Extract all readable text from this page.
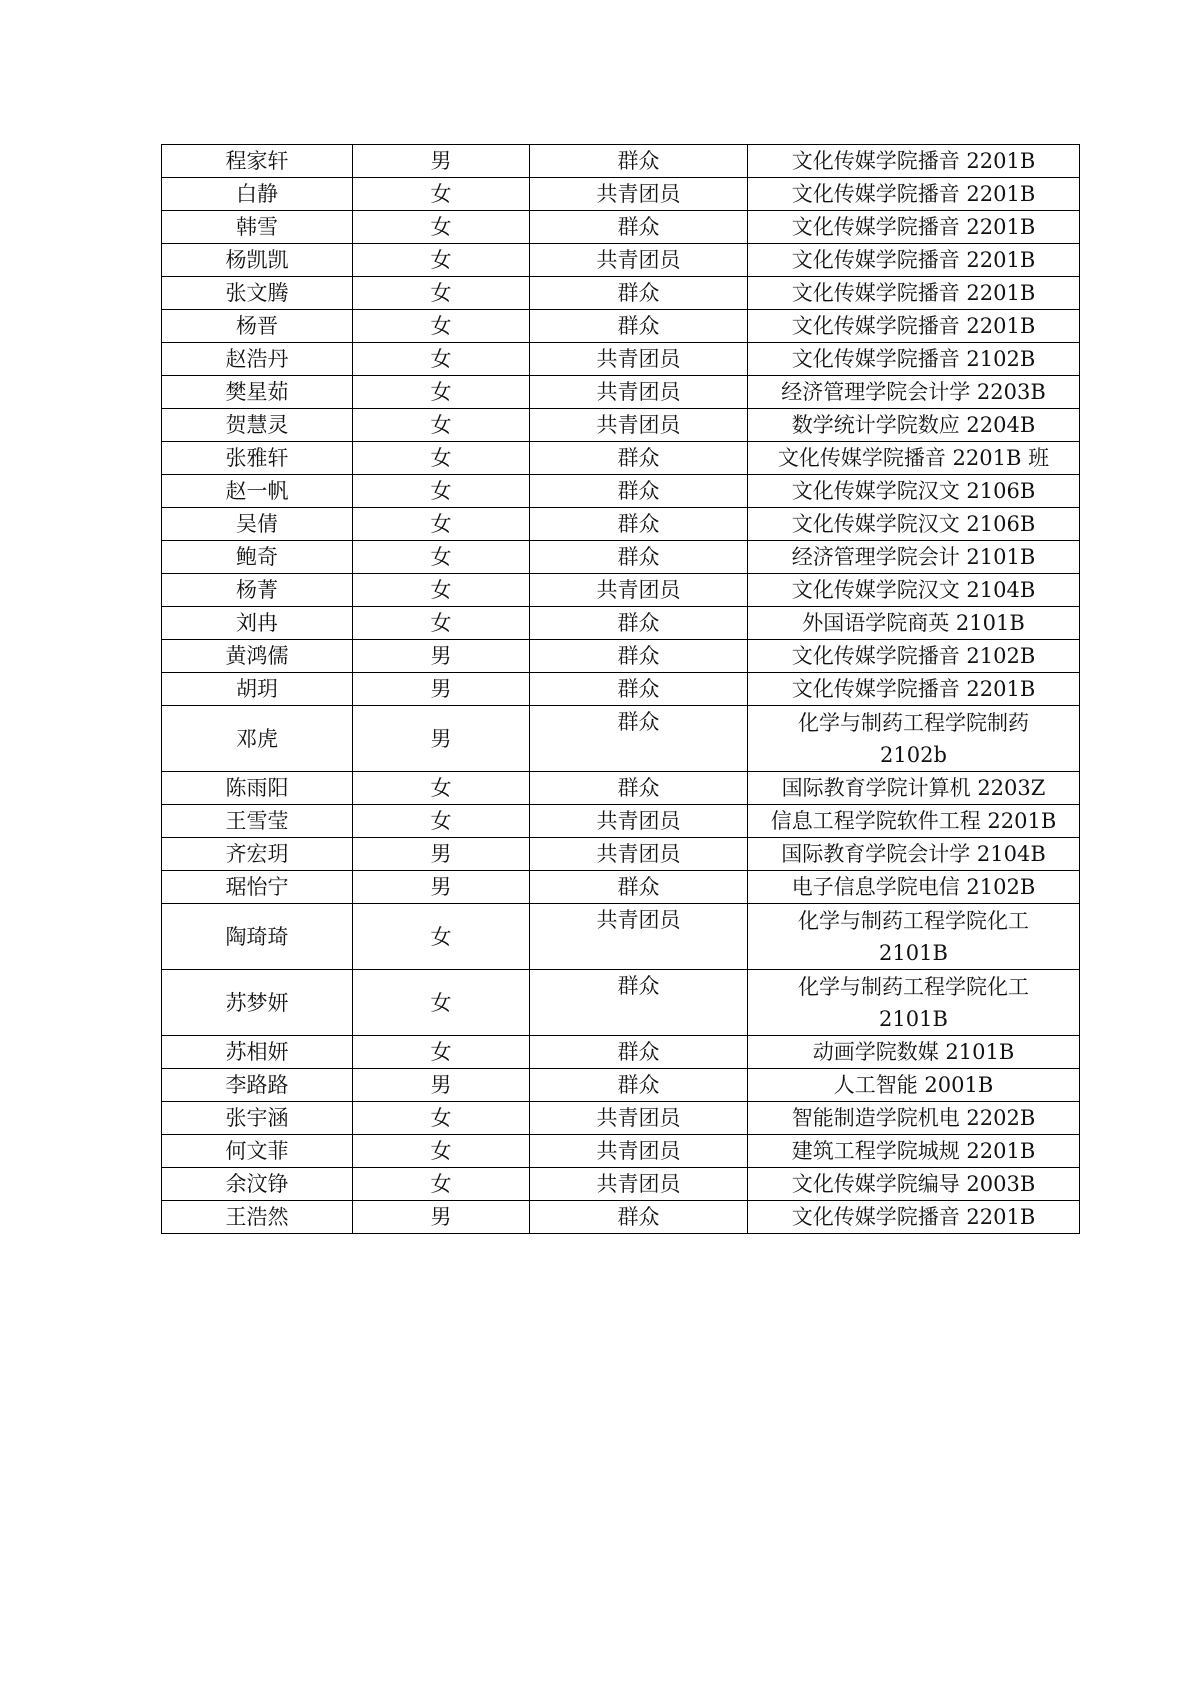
程家轩	男	群众	文化传媒学院播音 2201B

白静	女	共青团员	文化传媒学院播音 2201B

韩雪	女	群众	文化传媒学院播音 2201B

杨凯凯	女	共青团员	文化传媒学院播音 2201B

张文腾	女	群众	文化传媒学院播音 2201B

杨晋	女	群众	文化传媒学院播音 2201B

赵浩丹	女	共青团员	文化传媒学院播音 2102B

樊星茹	女	共青团员	经济管理学院会计学 2203B

贺慧灵	女	共青团员	数学统计学院数应 2204B

张雅轩	女	群众	文化传媒学院播音 2201B 班

赵一帆	女	群众	文化传媒学院汉文 2106B

吴倩	女	群众	文化传媒学院汉文 2106B

鲍奇	女	群众	经济管理学院会计 2101B

杨菁	女	共青团员	文化传媒学院汉文 2104B

刘冉	女	群众	外国语学院商英 2101B

黄鸿儒	男	群众	文化传媒学院播音 2102B

胡玥	男	群众	文化传媒学院播音 2201B

邓虎	男	群众	化学与制药工程学院制药
2102b

陈雨阳	女	群众	国际教育学院计算机 2203Z

王雪莹	女	共青团员	信息工程学院软件工程 2201B

齐宏玥	男	共青团员	国际教育学院会计学 2104B

琚怡宁	男	群众	电子信息学院电信 2102B

陶琦琦	女	共青团员	化学与制药工程学院化工
2101B

苏梦妍	女	群众	化学与制药工程学院化工
2101B

苏相妍	女	群众	动画学院数媒 2101B

李路路	男	群众	人工智能 2001B

张宇涵	女	共青团员	智能制造学院机电 2202B

何文菲	女	共青团员	建筑工程学院城规 2201B

余汶铮	女	共青团员	文化传媒学院编导 2003B

王浩然	男	群众	文化传媒学院播音 2201B
